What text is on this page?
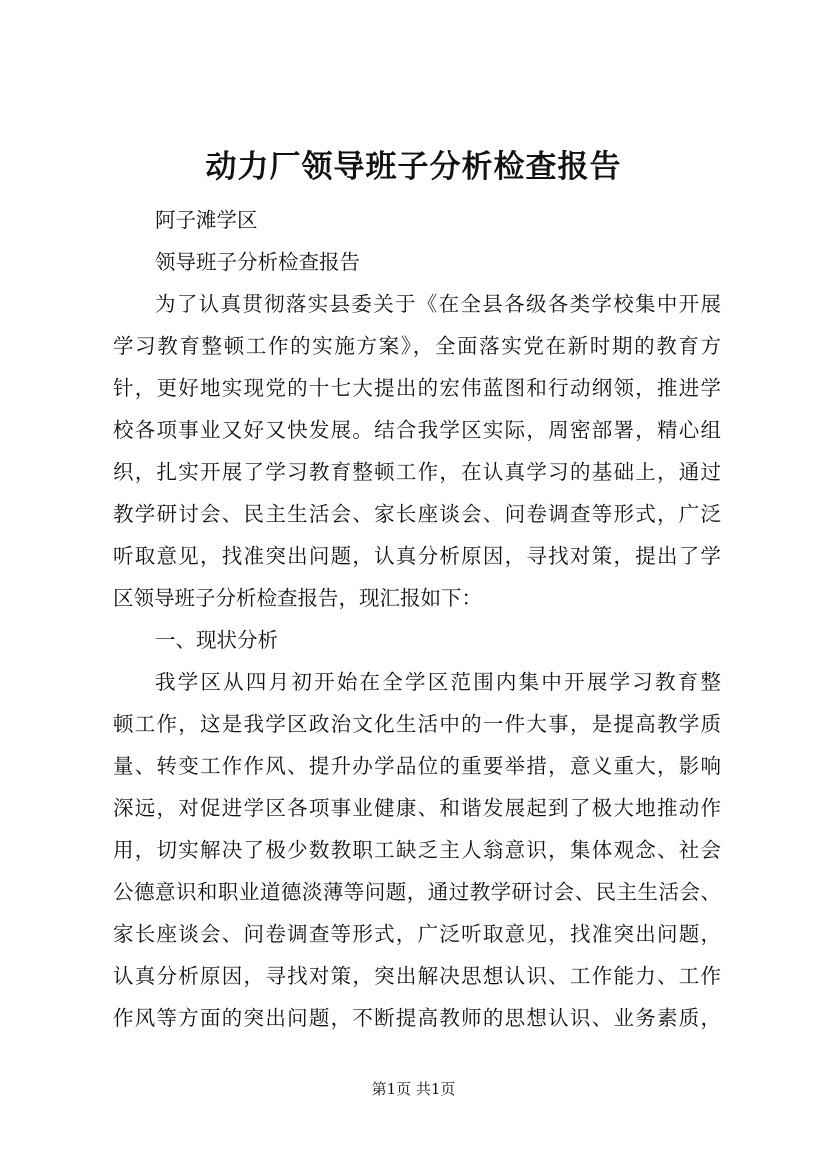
动力厂领导班子分析检查报告
阿子滩学区
领导班子分析检查报告
为了认真贯彻落实县委关于《在全县各级各类学校集中开展
学习教育整顿工作的实施方案》，全面落实党在新时期的教育方
针，更好地实现党的十七大提出的宏伟蓝图和行动纲领，推进学
校各项事业又好又快发展。结合我学区实际，周密部署，精心组
织，扎实开展了学习教育整顿工作，在认真学习的基础上，通过
教学研讨会、民主生活会、家长座谈会、问卷调查等形式，广泛
听取意见，找准突出问题，认真分析原因，寻找对策，提出了学
区领导班子分析检查报告，现汇报如下：
一、现状分析
我学区从四月初开始在全学区范围内集中开展学习教育整
顿工作，这是我学区政治文化生活中的一件大事，是提高教学质
量、转变工作作风、提升办学品位的重要举措，意义重大，影响
深远，对促进学区各项事业健康、和谐发展起到了极大地推动作
用，切实解决了极少数教职工缺乏主人翁意识，集体观念、社会
公德意识和职业道德淡薄等问题，通过教学研讨会、民主生活会、
家长座谈会、问卷调查等形式，广泛听取意见，找准突出问题，
认真分析原因，寻找对策，突出解决思想认识、工作能力、工作
作风等方面的突出问题，不断提高教师的思想认识、业务素质，
第1页 共1页
